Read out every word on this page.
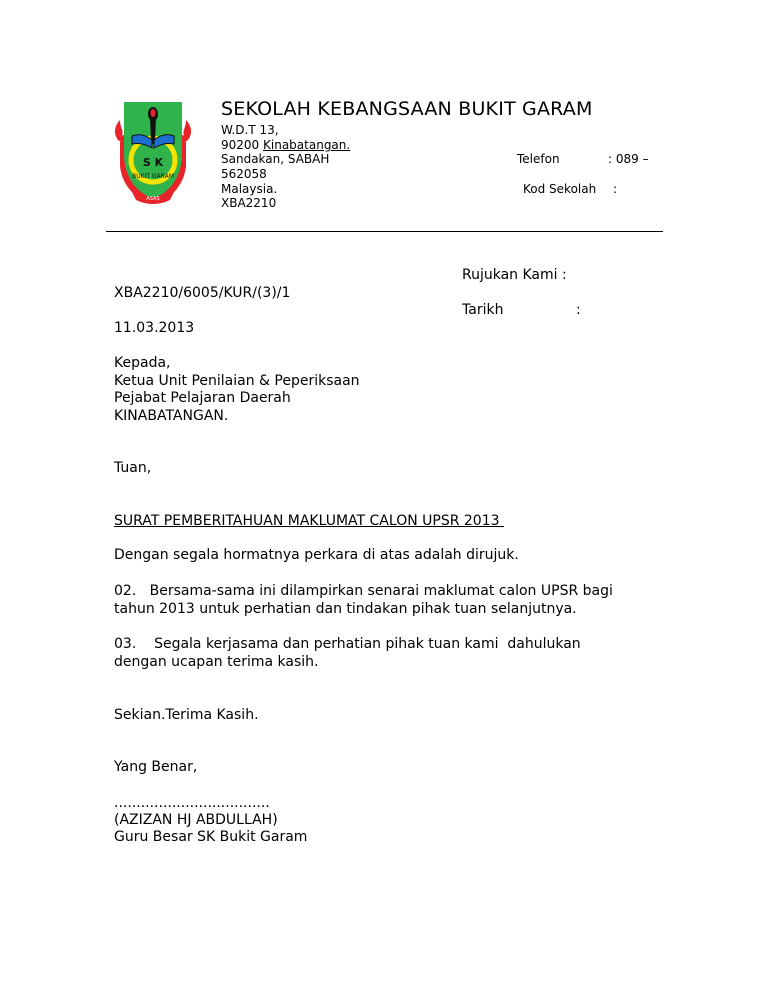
S K
BUKIT GARAM
ASAS
SEKOLAH KEBANGSAAN BUKIT GARAM
W.D.T 13,
90200 Kinabatangan.
Sandakan, SABAH
562058
Malaysia.
XBA2210
Telefon	: 089 –
Kod Sekolah :
Rujukan Kami :
XBA2210/6005/KUR/(3)/1
Tarikh	:
11.03.2013
Kepada,
Ketua Unit Penilaian & Peperiksaan
Pejabat Pelajaran Daerah
KINABATANGAN.
Tuan,
SURAT PEMBERITAHUAN MAKLUMAT CALON UPSR 2013
Dengan segala hormatnya perkara di atas adalah dirujuk.
02.   Bersama-sama ini dilampirkan senarai maklumat calon UPSR bagi
tahun 2013 untuk perhatian dan tindakan pihak tuan selanjutnya.
03.    Segala kerjasama dan perhatian pihak tuan kami  dahulukan
dengan ucapan terima kasih.
Sekian.Terima Kasih.
Yang Benar,
...................................
(AZIZAN HJ ABDULLAH)
Guru Besar SK Bukit Garam
